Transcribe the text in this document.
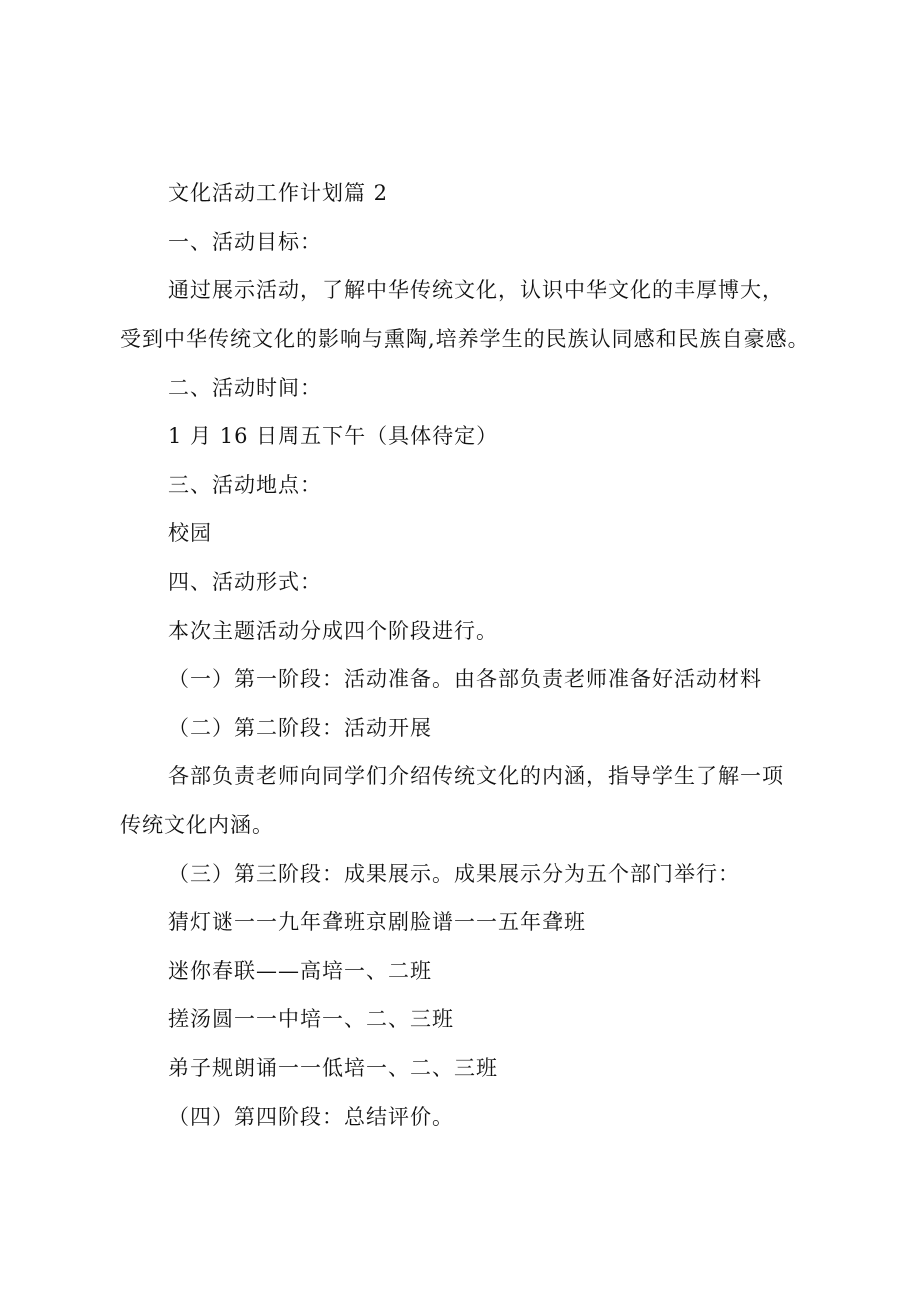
文化活动工作计划篇 2
一、活动目标：
通过展示活动，了解中华传统文化，认识中华文化的丰厚博大，
受到中华传统文化的影响与熏陶,培养学生的民族认同感和民族自豪感。
二、活动时间：
1 月 16 日周五下午（具体待定）
三、活动地点：
校园
四、活动形式：
本次主题活动分成四个阶段进行。
（一）第一阶段：活动准备。由各部负责老师准备好活动材料
（二）第二阶段：活动开展
各部负责老师向同学们介绍传统文化的内涵，指导学生了解一项
传统文化内涵。
（三）第三阶段：成果展示。成果展示分为五个部门举行：
猜灯谜一一九年聋班京剧脸谱一一五年聋班
迷你春联——高培一、二班
搓汤圆一一中培一、二、三班
弟子规朗诵一一低培一、二、三班
（四）第四阶段：总结评价。
